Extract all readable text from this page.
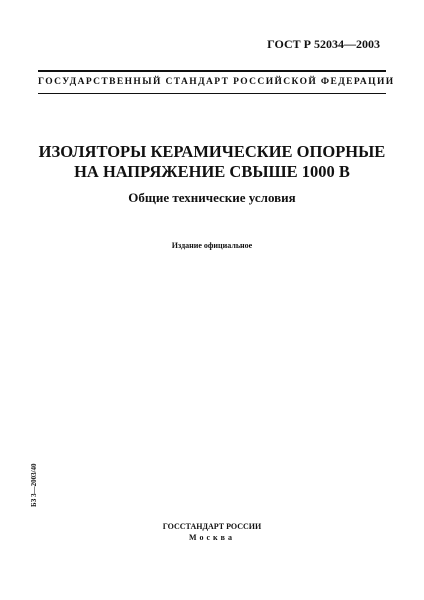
ГОСТ Р 52034—2003
ГОСУДАРСТВЕННЫЙ СТАНДАРТ РОССИЙСКОЙ ФЕДЕРАЦИИ
ИЗОЛЯТОРЫ КЕРАМИЧЕСКИЕ ОПОРНЫЕ
НА НАПРЯЖЕНИЕ СВЫШЕ 1000 В
Общие технические условия
Издание официальное
БЗ 3—2003/40
ГОССТАНДАРТ РОССИИ
Москва
